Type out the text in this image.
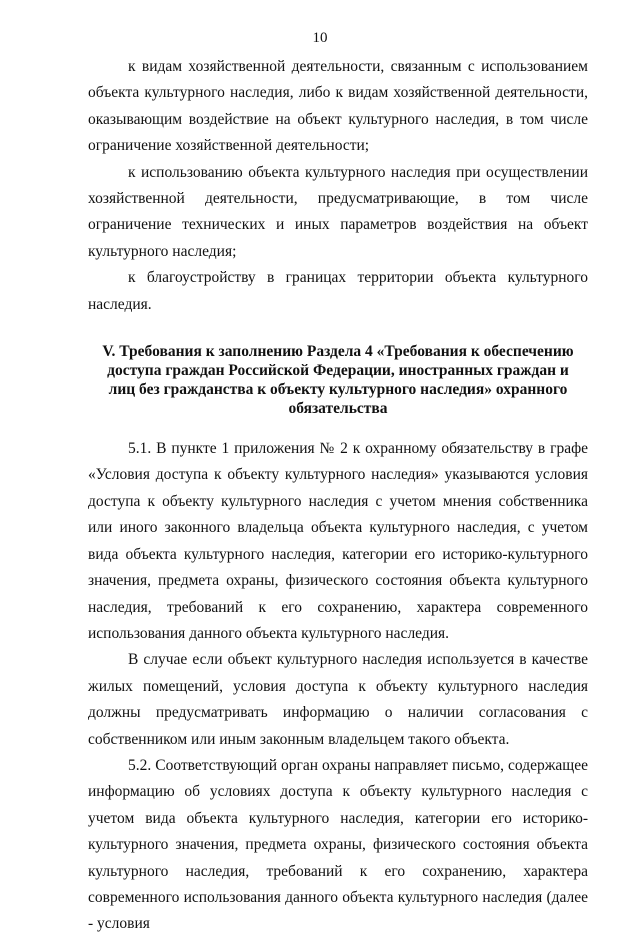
10

к видам хозяйственной деятельности, связанным с использованием объекта культурного наследия, либо к видам хозяйственной деятельности, оказывающим воздействие на объект культурного наследия, в том числе ограничение хозяйственной деятельности;

к использованию объекта культурного наследия при осуществлении хозяйственной деятельности, предусматривающие, в том числе ограничение технических и иных параметров воздействия на объект культурного наследия;

к благоустройству в границах территории объекта культурного наследия.

V. Требования к заполнению Раздела 4 «Требования к обеспечению доступа граждан Российской Федерации, иностранных граждан и лиц без гражданства к объекту культурного наследия» охранного обязательства

5.1. В пункте 1 приложения № 2 к охранному обязательству в графе «Условия доступа к объекту культурного наследия» указываются условия доступа к объекту культурного наследия с учетом мнения собственника или иного законного владельца объекта культурного наследия, с учетом вида объекта культурного наследия, категории его историко-культурного значения, предмета охраны, физического состояния объекта культурного наследия, требований к его сохранению, характера современного использования данного объекта культурного наследия.

В случае если объект культурного наследия используется в качестве жилых помещений, условия доступа к объекту культурного наследия должны предусматривать информацию о наличии согласования с собственником или иным законным владельцем такого объекта.

5.2. Соответствующий орган охраны направляет письмо, содержащее информацию об условиях доступа к объекту культурного наследия с учетом вида объекта культурного наследия, категории его историко-культурного значения, предмета охраны, физического состояния объекта культурного наследия, требований к его сохранению, характера современного использования данного объекта культурного наследия (далее - условия
